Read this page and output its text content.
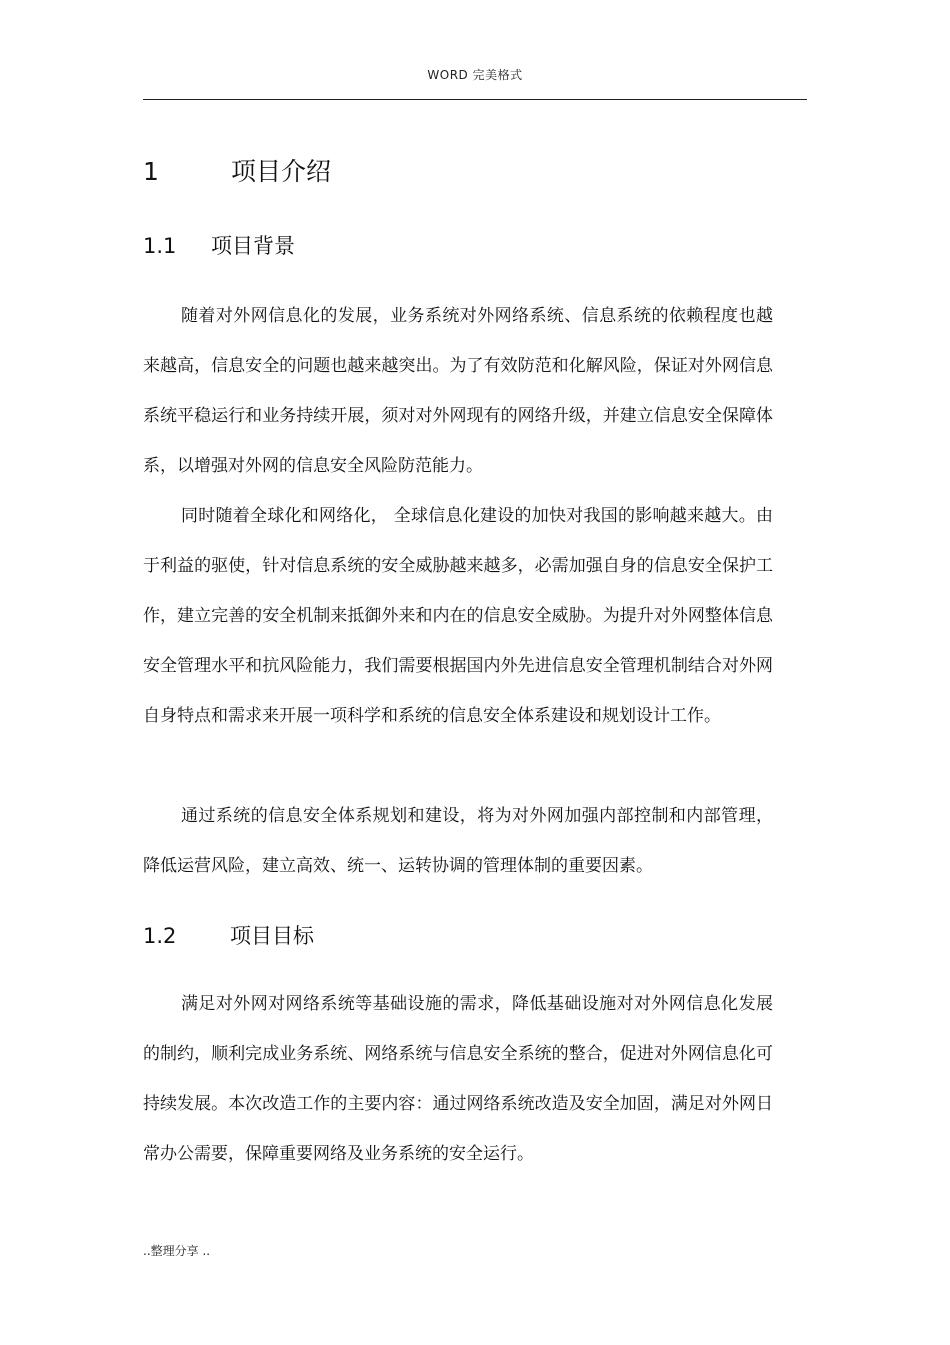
WORD 完美格式
1	项目介绍
1.1 项目背景

随着对外网信息化的发展，业务系统对外网络系统、信息系统的依赖程度也越来越高，信息安全的问题也越来越突出。为了有效防范和化解风险，保证对外网信息系统平稳运行和业务持续开展，须对对外网现有的网络升级，并建立信息安全保障体系，以增强对外网的信息安全风险防范能力。

同时随着全球化和网络化， 全球信息化建设的加快对我国的影响越来越大。由于利益的驱使，针对信息系统的安全威胁越来越多，必需加强自身的信息安全保护工作，建立完善的安全机制来抵御外来和内在的信息安全威胁。为提升对外网整体信息安全管理水平和抗风险能力，我们需要根据国内外先进信息安全管理机制结合对外网自身特点和需求来开展一项科学和系统的信息安全体系建设和规划设计工作。

通过系统的信息安全体系规划和建设，将为对外网加强内部控制和内部管理，降低运营风险，建立高效、统一、运转协调的管理体制的重要因素。

1.2	项目目标

满足对外网对网络系统等基础设施的需求，降低基础设施对对外网信息化发展的制约，顺利完成业务系统、网络系统与信息安全系统的整合，促进对外网信息化可持续发展。本次改造工作的主要内容：通过网络系统改造及安全加固，满足对外网日常办公需要，保障重要网络及业务系统的安全运行。

..整理分享 ..
